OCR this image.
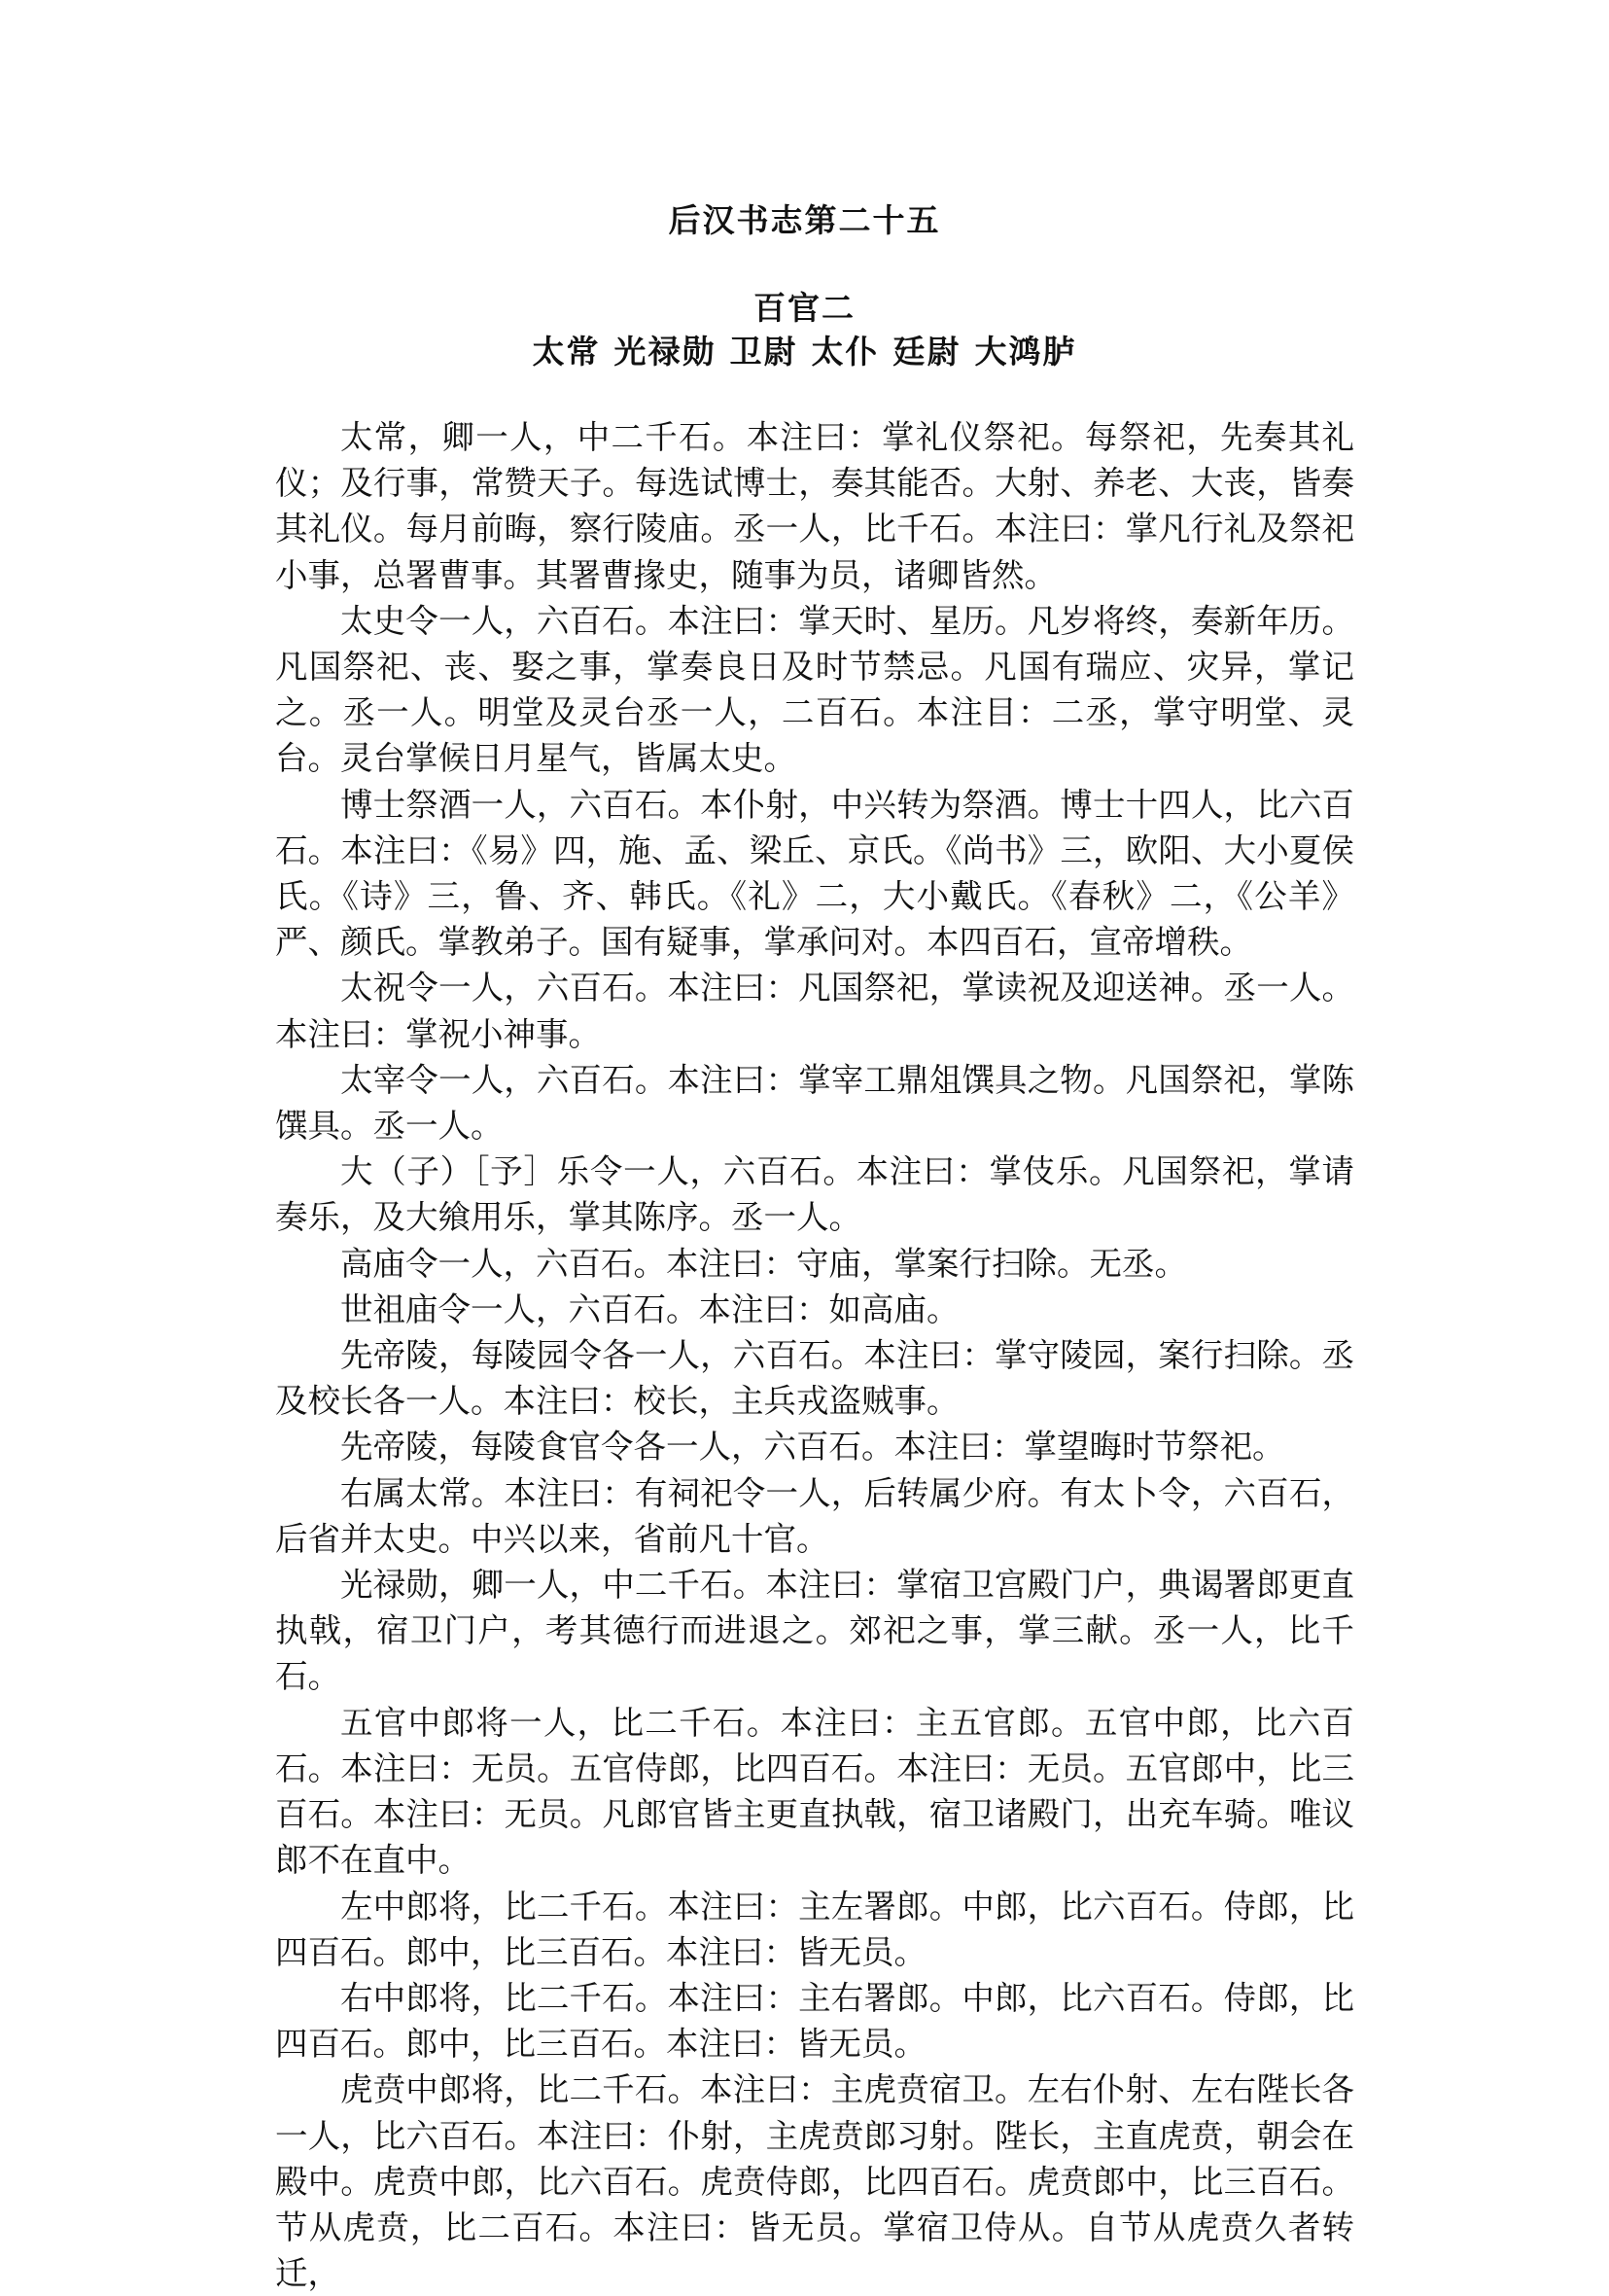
后汉书志第二十五
百官二
太常 光禄勋 卫尉 太仆 廷尉 大鸿胪

太常，卿一人，中二千石。本注曰：掌礼仪祭祀。每祭祀，先奏其礼仪；及行事，常赞天子。每选试博士，奏其能否。大射、养老、大丧，皆奏其礼仪。每月前晦，察行陵庙。丞一人，比千石。本注曰：掌凡行礼及祭祀小事，总署曹事。其署曹掾史，随事为员，诸卿皆然。

太史令一人，六百石。本注曰：掌天时、星历。凡岁将终，奏新年历。凡国祭祀、丧、娶之事，掌奏良日及时节禁忌。凡国有瑞应、灾异，掌记之。丞一人。明堂及灵台丞一人，二百石。本注目：二丞，掌守明堂、灵台。灵台掌候日月星气，皆属太史。

博士祭酒一人，六百石。本仆射，中兴转为祭酒。博士十四人，比六百石。本注曰：《易》四，施、孟、梁丘、京氏。《尚书》三，欧阳、大小夏侯氏。《诗》三，鲁、齐、韩氏。《礼》二，大小戴氏。《春秋》二，《公羊》严、颜氏。掌教弟子。国有疑事，掌承问对。本四百石，宣帝增秩。

太祝令一人，六百石。本注曰：凡国祭祀，掌读祝及迎送神。丞一人。本注曰：掌祝小神事。

太宰令一人，六百石。本注曰：掌宰工鼎俎馔具之物。凡国祭祀，掌陈馔具。丞一人。

大（子）［予］乐令一人，六百石。本注曰：掌伎乐。凡国祭祀，掌请奏乐，及大飨用乐，掌其陈序。丞一人。

高庙令一人，六百石。本注曰：守庙，掌案行扫除。无丞。

世祖庙令一人，六百石。本注曰：如高庙。

先帝陵，每陵园令各一人，六百石。本注曰：掌守陵园，案行扫除。丞及校长各一人。本注曰：校长，主兵戎盗贼事。

先帝陵，每陵食官令各一人，六百石。本注曰：掌望晦时节祭祀。

右属太常。本注曰：有祠祀令一人，后转属少府。有太卜令，六百石，后省并太史。中兴以来，省前凡十官。

光禄勋，卿一人，中二千石。本注曰：掌宿卫宫殿门户，典谒署郎更直执戟，宿卫门户，考其德行而进退之。郊祀之事，掌三献。丞一人，比千石。

五官中郎将一人，比二千石。本注曰：主五官郎。五官中郎，比六百石。本注曰：无员。五官侍郎，比四百石。本注曰：无员。五官郎中，比三百石。本注曰：无员。凡郎官皆主更直执戟，宿卫诸殿门，出充车骑。唯议郎不在直中。

左中郎将，比二千石。本注曰：主左署郎。中郎，比六百石。侍郎，比四百石。郎中，比三百石。本注曰：皆无员。

右中郎将，比二千石。本注曰：主右署郎。中郎，比六百石。侍郎，比四百石。郎中，比三百石。本注曰：皆无员。

虎贲中郎将，比二千石。本注曰：主虎贲宿卫。左右仆射、左右陛长各一人，比六百石。本注曰：仆射，主虎贲郎习射。陛长，主直虎贲，朝会在殿中。虎贲中郎，比六百石。虎贲侍郎，比四百石。虎贲郎中，比三百石。节从虎贲，比二百石。本注曰：皆无员。掌宿卫侍从。自节从虎贲久者转迁，
